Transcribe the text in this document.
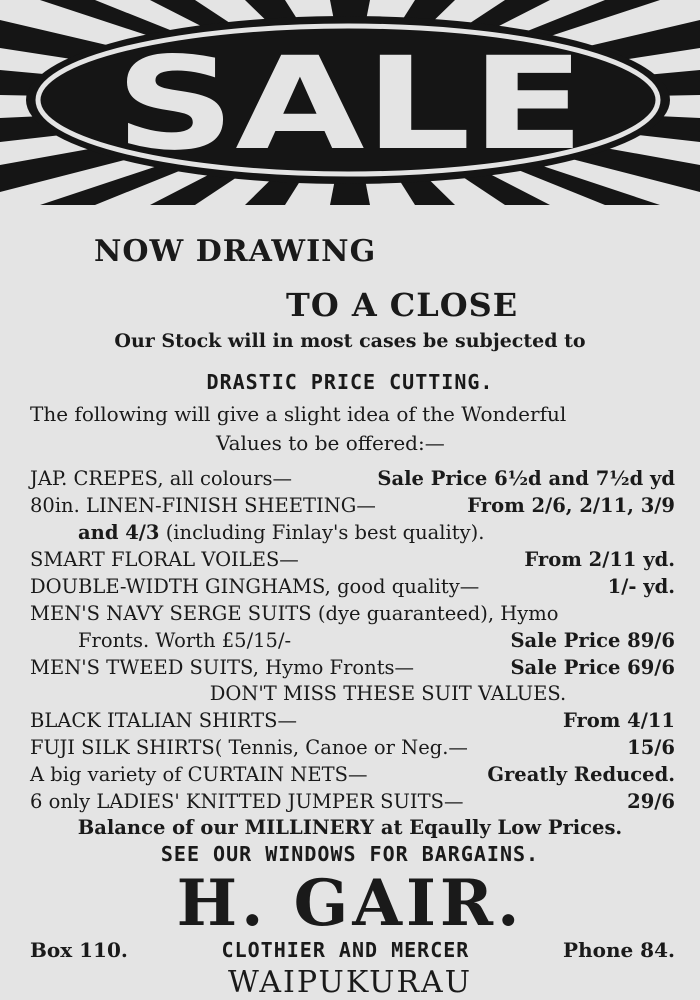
SALE
NOW DRAWING
TO A CLOSE
Our Stock will in most cases be subjected to
DRASTIC PRICE CUTTING.
The following will give a slight idea of the Wonderful
Values to be offered:—
JAP. CREPES, all colours—	Sale Price 6½d and 7½d yd
80in. LINEN-FINISH SHEETING—	From 2/6, 2/11, 3/9
and 4/3 (including Finlay's best quality).
SMART FLORAL VOILES—	From 2/11 yd.
DOUBLE-WIDTH GINGHAMS, good quality—	1/- yd.
MEN'S NAVY SERGE SUITS (dye guaranteed), Hymo
Fronts. Worth £5/15/-	Sale Price 89/6
MEN'S TWEED SUITS, Hymo Fronts—	Sale Price 69/6
DON'T MISS THESE SUIT VALUES.
BLACK ITALIAN SHIRTS—	From 4/11
FUJI SILK SHIRTS( Tennis, Canoe or Neg.—	15/6
A big variety of CURTAIN NETS—	Greatly Reduced.
6 only LADIES' KNITTED JUMPER SUITS—	29/6
Balance of our MILLINERY at Eqaully Low Prices.
SEE OUR WINDOWS FOR BARGAINS.
H. GAIR.
Box 110.	CLOTHIER AND MERCER	Phone 84.
WAIPUKURAU
